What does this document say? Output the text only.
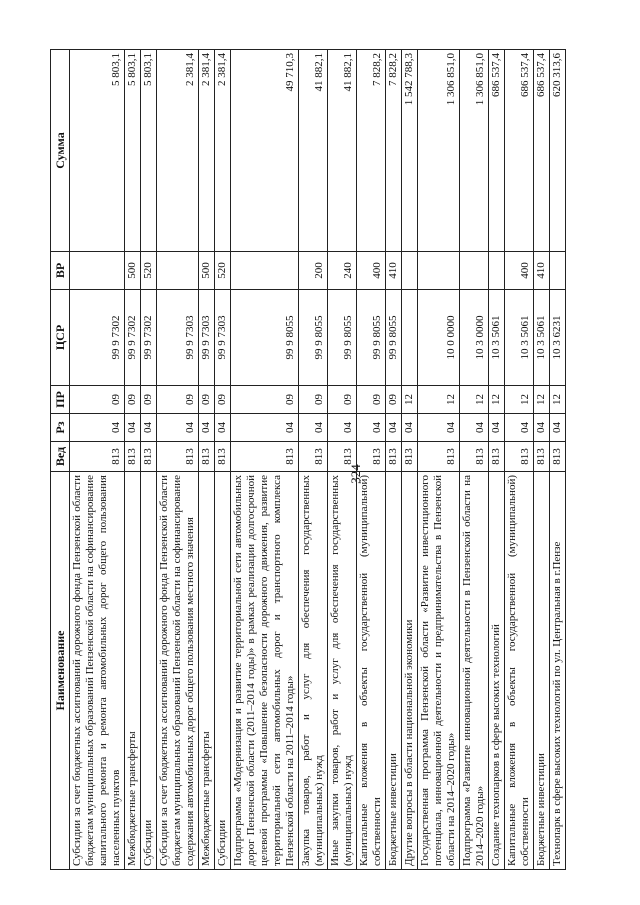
324
Наименование	Вед	Рз	ПР	ЦСР	ВР	Сумма
Субсидии за счет бюджетных ассигнований дорожного фонда Пензенской области бюджетам муниципальных образований Пензенской области на софинансирование капитального ремонта и ремонта автомобильных дорог общего пользования населенных пунктов	813	04	09	99 9 7302		5 803,1
Межбюджетные трансферты	813	04	09	99 9 7302	500	5 803,1
Субсидии	813	04	09	99 9 7302	520	5 803,1
Субсидии за счет бюджетных ассигнований дорожного фонда Пензенской области бюджетам муниципальных образований Пензенской области на софинансирование содержания автомобильных дорог общего пользования местного значения	813	04	09	99 9 7303		2 381,4
Межбюджетные трансферты	813	04	09	99 9 7303	500	2 381,4
Субсидии	813	04	09	99 9 7303	520	2 381,4
Подпрограмма «Модернизация и развитие территориальной сети автомобильных дорог Пензенской области (2011–2014 годы)» в рамках реализации долгосрочной целевой программы «Повышение безопасности дорожного движения, развитие территориальной сети автомобильных дорог и транспортного комплекса Пензенской области на 2011–2014 годы»	813	04	09	99 9 8055		49 710,3
Закупка товаров, работ и услуг для обеспечения государственных (муниципальных) нужд	813	04	09	99 9 8055	200	41 882,1
Иные закупки товаров, работ и услуг для обеспечения государственных (муниципальных) нужд	813	04	09	99 9 8055	240	41 882,1
Капитальные вложения в объекты государственной (муниципальной) собственности	813	04	09	99 9 8055	400	7 828,2
Бюджетные инвестиции	813	04	09	99 9 8055	410	7 828,2
Другие вопросы в области национальной экономики	813	04	12			1 542 788,3
Государственная программа Пензенской области «Развитие инвестиционного потенциала, инновационной деятельности и предпринимательства в Пензенской области на 2014–2020 годы»	813	04	12	10 0 0000		1 306 851,0
Подпрограмма «Развитие инновационной деятельности в Пензенской области на 2014–2020 годы»	813	04	12	10 3 0000		1 306 851,0
Создание технопарков в сфере высоких технологий	813	04	12	10 3 5061		686 537,4
Капитальные вложения в объекты государственной (муниципальной) собственности	813	04	12	10 3 5061	400	686 537,4
Бюджетные инвестиции	813	04	12	10 3 5061	410	686 537,4
Технопарк в сфере высоких технологий по ул. Центральная в г.Пензе	813	04	12	10 3 6231		620 313,6
